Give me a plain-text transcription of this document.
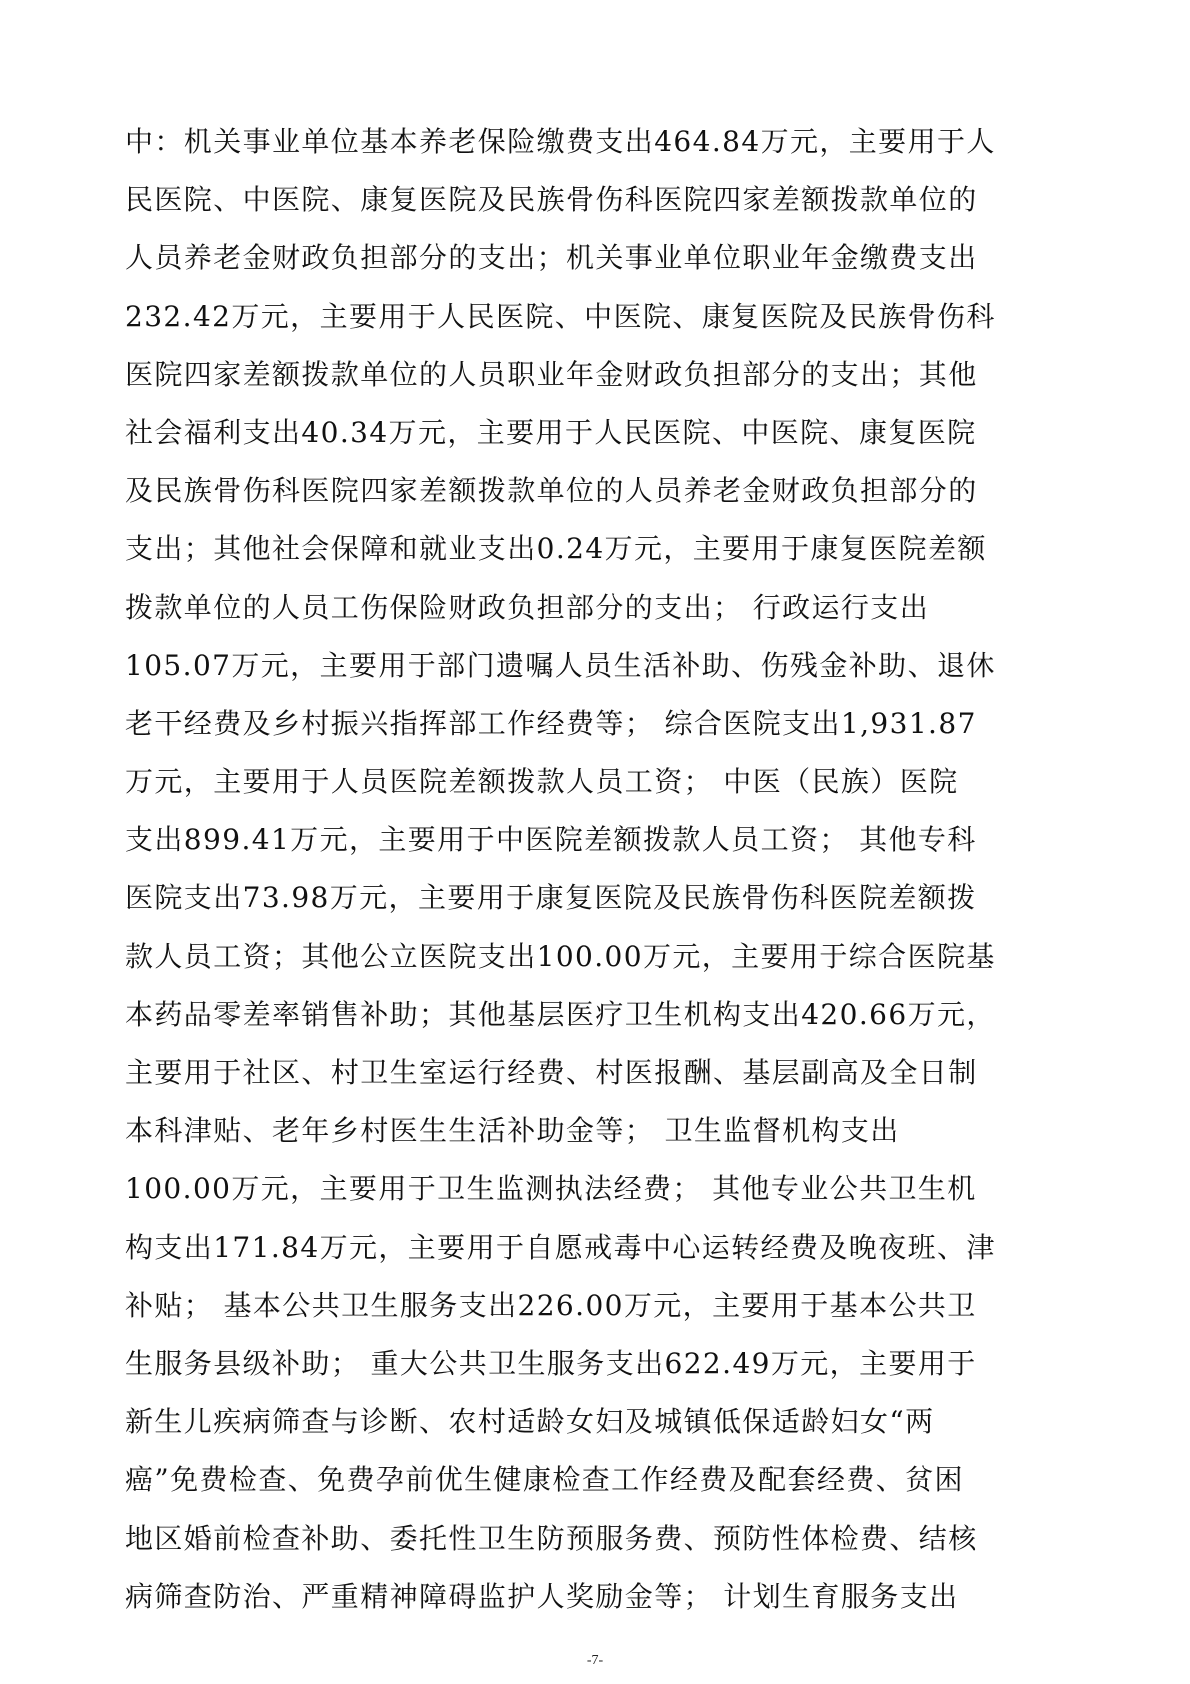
中：机关事业单位基本养老保险缴费支出464.84万元，主要用于人
民医院、中医院、康复医院及民族骨伤科医院四家差额拨款单位的
人员养老金财政负担部分的支出；机关事业单位职业年金缴费支出
232.42万元，主要用于人民医院、中医院、康复医院及民族骨伤科
医院四家差额拨款单位的人员职业年金财政负担部分的支出；其他
社会福利支出40.34万元，主要用于人民医院、中医院、康复医院
及民族骨伤科医院四家差额拨款单位的人员养老金财政负担部分的
支出；其他社会保障和就业支出0.24万元，主要用于康复医院差额
拨款单位的人员工伤保险财政负担部分的支出； 行政运行支出
105.07万元，主要用于部门遗嘱人员生活补助、伤残金补助、退休
老干经费及乡村振兴指挥部工作经费等； 综合医院支出1,931.87
万元，主要用于人员医院差额拨款人员工资； 中医（民族）医院
支出899.41万元，主要用于中医院差额拨款人员工资； 其他专科
医院支出73.98万元，主要用于康复医院及民族骨伤科医院差额拨
款人员工资；其他公立医院支出100.00万元，主要用于综合医院基
本药品零差率销售补助；其他基层医疗卫生机构支出420.66万元，
主要用于社区、村卫生室运行经费、村医报酬、基层副高及全日制
本科津贴、老年乡村医生生活补助金等； 卫生监督机构支出
100.00万元，主要用于卫生监测执法经费； 其他专业公共卫生机
构支出171.84万元，主要用于自愿戒毒中心运转经费及晚夜班、津
补贴； 基本公共卫生服务支出226.00万元，主要用于基本公共卫
生服务县级补助； 重大公共卫生服务支出622.49万元，主要用于
新生儿疾病筛查与诊断、农村适龄女妇及城镇低保适龄妇女“两
癌”免费检查、免费孕前优生健康检查工作经费及配套经费、贫困
地区婚前检查补助、委托性卫生防预服务费、预防性体检费、结核
病筛查防治、严重精神障碍监护人奖励金等； 计划生育服务支出
-7-
